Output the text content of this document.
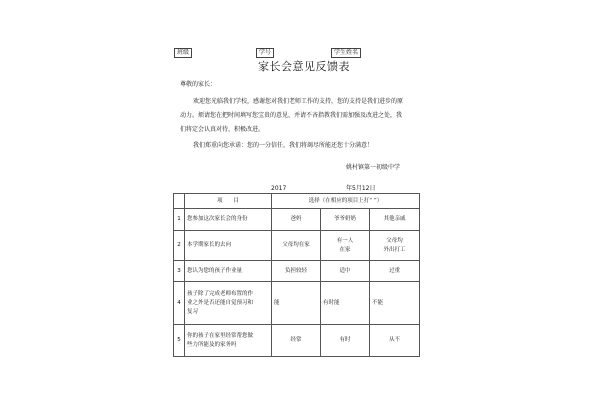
班级	学号	学生姓名
家长会意见反馈表
尊敬的家长：
欢迎您光临我们学校，感谢您对我们老师工作的支持，您的支持是我们进步的原
动力。烦请您在把时间填写您宝贵的意见，并请不吝指教我们需加强及改进之处，我
们将定会认真对待，积极改进。
我们郑重向您承诺：您的一分信任，我们将竭尽所能还您十分满意！
姚村镇第一初级中学
2017	年5月12日
	项　　目	选择（在相应的项目上打“ ”）		
1	您参加这次家长会的身份	爸妈	爷爷奶奶	其他亲戚
2	本学期家长的去向	父母均在家	有一人
在家	父母均
外出打工

3	您认为您的孩子作业量	负担较轻	适中	过重
4	孩子除了完成老师布置的作
业之外是否还能自觉预习和
复习	能	有时能	不能
5	你的孩子在家里经常帮您做
些力所能及的家务吗	经常	有时	从不
